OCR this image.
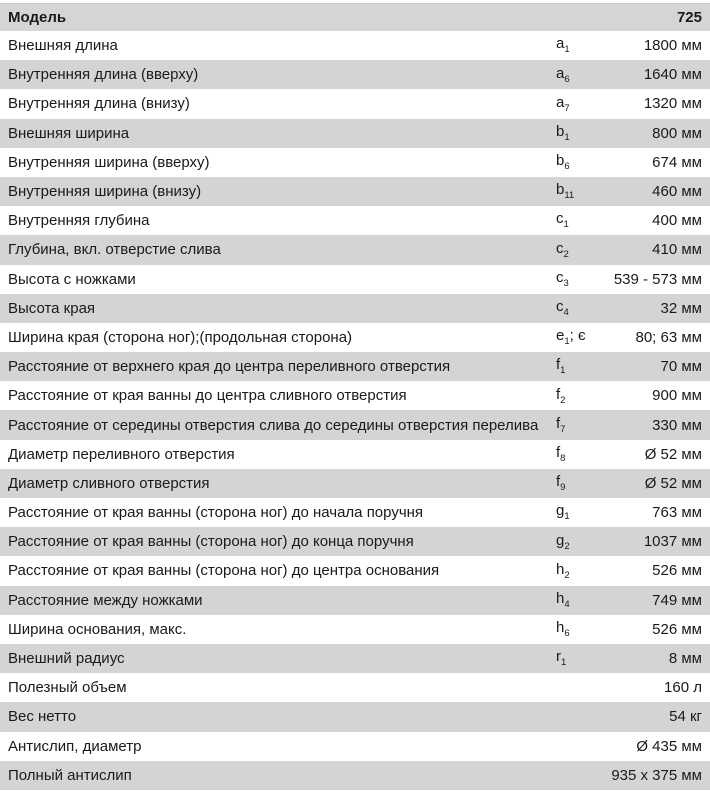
Модель	725
Внешняя длина	$a_1$	1800 мм
Внутренняя длина (вверху)	$a_6$	1640 мм
Внутренняя длина (внизу)	$a_7$	1320 мм
Внешняя ширина	$b_1$	800 мм
Внутренняя ширина (вверху)	$b_6$	674 мм
Внутренняя ширина (внизу)	$b_{11}$	460 мм
Внутренняя глубина	$c_1$	400 мм
Глубина, вкл. отверстие слива	$c_2$	410 мм
Высота с ножками	$c_3$	539 - 573 мм
Высота края	$c_4$	32 мм
Ширина края (сторона ног);(продольная сторона)	$e_1$; є	80; 63 мм
Расстояние от верхнего края до центра переливного отверстия	$f_1$	70 мм
Расстояние от края ванны до центра сливного отверстия	$f_2$	900 мм
Расстояние от середины отверстия слива до середины отверстия перелива	$f_7$	330 мм
Диаметр переливного отверстия	$f_8$	Ø 52 мм
Диаметр сливного отверстия	$f_9$	Ø 52 мм
Расстояние от края ванны (сторона ног) до начала поручня	$g_1$	763 мм
Расстояние от края ванны (сторона ног) до конца поручня	$g_2$	1037 мм
Расстояние от края ванны (сторона ног) до центра основания	$h_2$	526 мм
Расстояние между ножками	$h_4$	749 мм
Ширина основания, макс.	$h_6$	526 мм
Внешний радиус	$r_1$	8 мм
Полезный объем	160 л
Вес нетто	54 кг
Антислип, диаметр	Ø 435 мм
Полный антислип	935 x 375 мм
